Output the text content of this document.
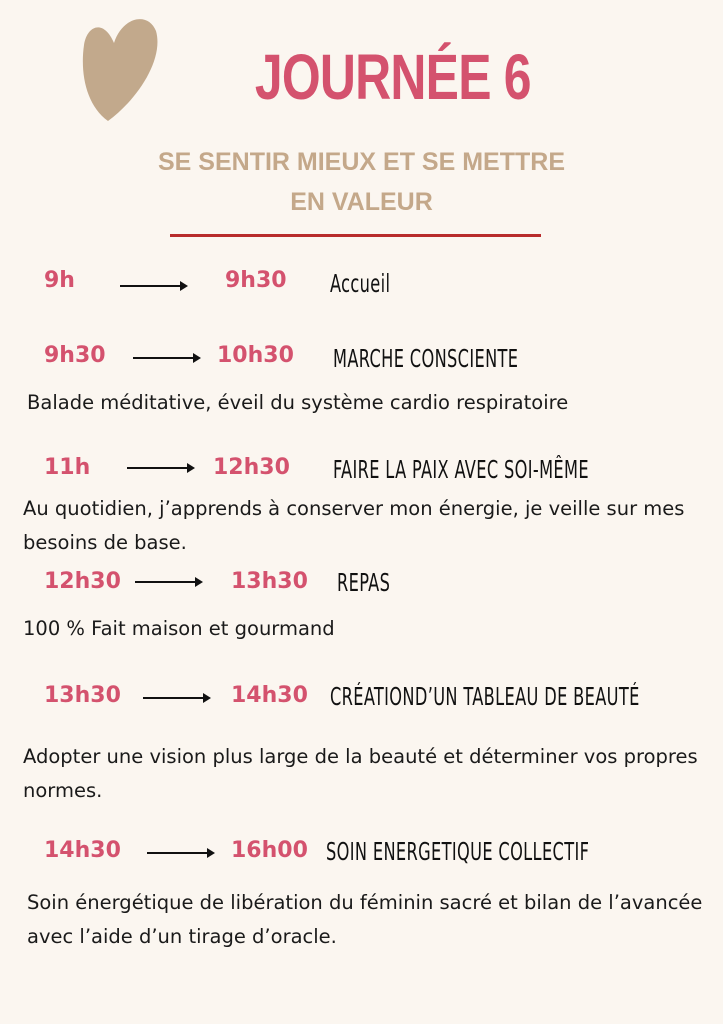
JOURNÉE 6
SE SENTIR MIEUX ET SE METTRE
EN VALEUR
9h	9h30 Accueil
9h30	10h30 MARCHE CONSCIENTE
Balade méditative, éveil du système cardio respiratoire
11h	12h30 FAIRE LA PAIX AVEC SOI-MÊME
Au quotidien, j’apprends à conserver mon énergie, je veille sur mes besoins de base.
12h30	13h30 REPAS
100 % Fait maison et gourmand
13h30	14h30 CRÉATIOND’UN TABLEAU DE BEAUTÉ
Adopter une vision plus large de la beauté et déterminer vos propres normes.
14h30	16h00 SOIN ENERGETIQUE COLLECTIF
Soin énergétique de libération du féminin sacré et bilan de l’avancée avec l’aide d’un tirage d’oracle.
